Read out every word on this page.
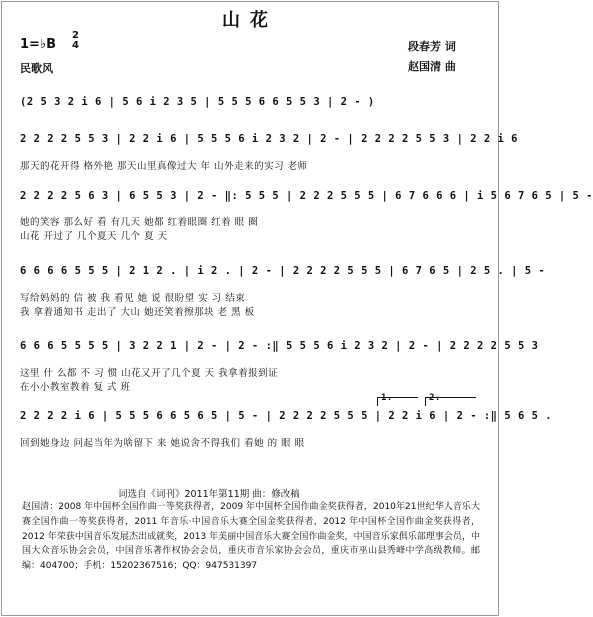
山花
1=♭B
2
4
民歌风
段春芳 词
赵国清 曲
(2 5 3 2 i 6 | 5 6 i 2 3 5 | 5 5 5 6 6 5 5 3 | 2 - )
2 2 2 2 5 5 3 | 2 2 i 6 | 5 5 5 6 i 2 3 2 | 2 - | 2 2 2 2 5 5 3 | 2 2 i 6
那天的花开得 格外艳 那天山里真像过大 年 山外走来的实习 老师
2 2 2 2 5 6 3 | 6 5 5 3 | 2 - ‖: 5 5 5 | 2 2 2 5 5 5 | 6 7 6 6 6 | i 5 6 7 6 5 | 5 -
她的笑容 那么好 看 有几天 她都 红着眼圈 红着 眼 圈
山花 开过了 几个夏天 几个 夏 天
6 6 6 6 5 5 5 | 2 1 2 . | i 2 . | 2 - | 2 2 2 2 5 5 5 | 6 7 6 5 | 2 5 . | 5 -
写给妈妈的 信 被 我 看见 她 说 很盼望 实 习 结束
我 拿着通知书 走出了 大山 她还笑着擦那块 老 黑 板
6 6 6 5 5 5 5 | 3 2 2 1 | 2 - | 2 - :‖ 5 5 5 6 i 2 3 2 | 2 - | 2 2 2 2 5 5 3
这里 什 么都 不 习 惯 山花又开了几个夏 天 我拿着报到证
在小小教室教着 复 式 班
1.	2.
2 2 2 2 i 6 | 5 5 5 6 6 5 6 5 | 5 - | 2 2 2 2 5 5 5 | 2 2 i 6 | 2 - :‖ 5 6 5 .
回到她身边 问起当年为啥留下 来 她说舍不得我们 看她 的 眼 眼
词选自《词刊》2011年第11期 曲：修改稿
赵国清：2008 年中国杯全国作曲一等奖获得者，2009 年中国杯全国作曲金奖获得者，2010年21世纪华人音乐大赛全国作曲一等奖获得者，2011 年音乐·中国音乐大赛全国金奖获得者，2012 年中国杯全国作曲金奖获得者，2012 年荣获中国音乐发展杰出成就奖，2013 年美丽中国音乐大赛全国作曲金奖，中国音乐家俱乐部理事会员，中国大众音乐协会会员，中国音乐著作权协会会员，重庆市音乐家协会会员，重庆市巫山县秀峰中学高级教师。邮编：404700；手机：15202367516；QQ：947531397
